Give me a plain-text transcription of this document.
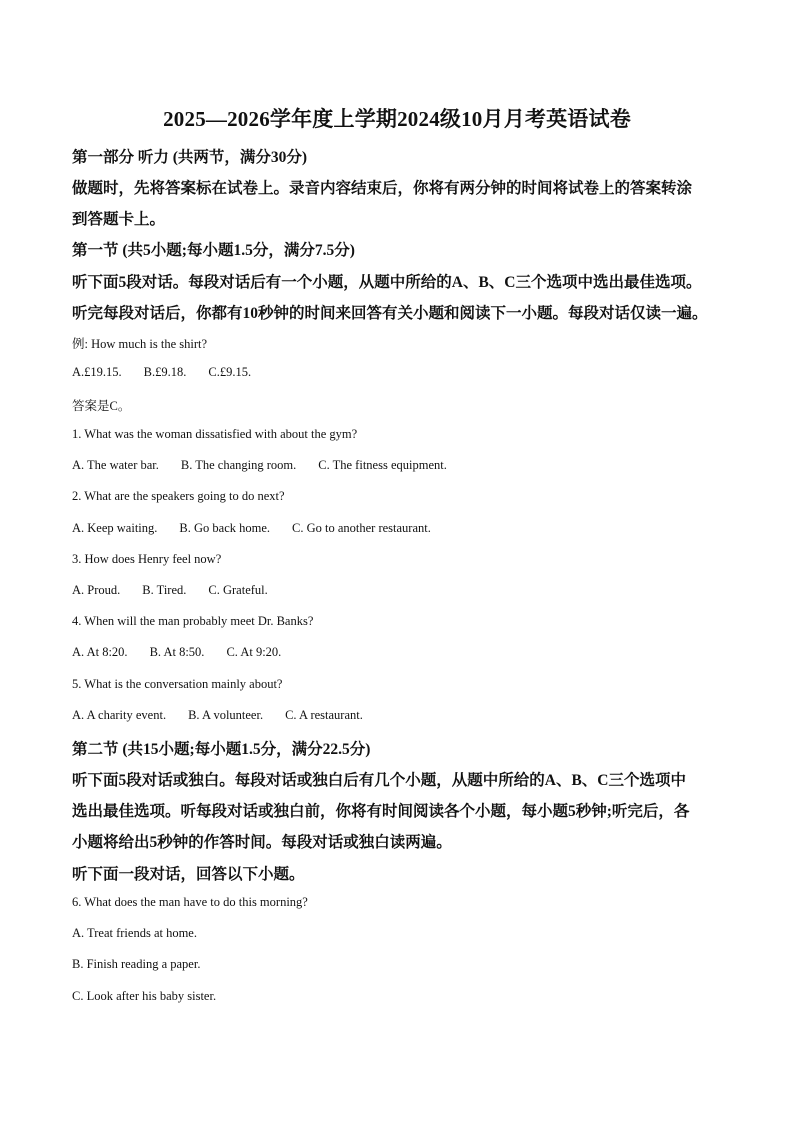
2025—2026学年度上学期2024级10月月考英语试卷
第一部分 听力 (共两节，满分30分)
做题时，先将答案标在试卷上。录音内容结束后，你将有两分钟的时间将试卷上的答案转涂
到答题卡上。
第一节 (共5小题;每小题1.5分，满分7.5分)
听下面5段对话。每段对话后有一个小题，从题中所给的A、B、C三个选项中选出最佳选项。
听完每段对话后，你都有10秒钟的时间来回答有关小题和阅读下一小题。每段对话仅读一遍。
例: How much is the shirt?
A.£19.15. B.£9.18. C.£9.15.
答案是C。
1. What was the woman dissatisfied with about the gym?
A. The water bar. B. The changing room. C. The fitness equipment.
2. What are the speakers going to do next?
A. Keep waiting. B. Go back home. C. Go to another restaurant.
3. How does Henry feel now?
A. Proud. B. Tired. C. Grateful.
4. When will the man probably meet Dr. Banks?
A. At 8:20. B. At 8:50. C. At 9:20.
5. What is the conversation mainly about?
A. A charity event. B. A volunteer. C. A restaurant.
第二节 (共15小题;每小题1.5分，满分22.5分)
听下面5段对话或独白。每段对话或独白后有几个小题，从题中所给的A、B、C三个选项中
选出最佳选项。听每段对话或独白前，你将有时间阅读各个小题，每小题5秒钟;听完后，各
小题将给出5秒钟的作答时间。每段对话或独白读两遍。
听下面一段对话，回答以下小题。
6. What does the man have to do this morning?
A. Treat friends at home.
B. Finish reading a paper.
C. Look after his baby sister.
